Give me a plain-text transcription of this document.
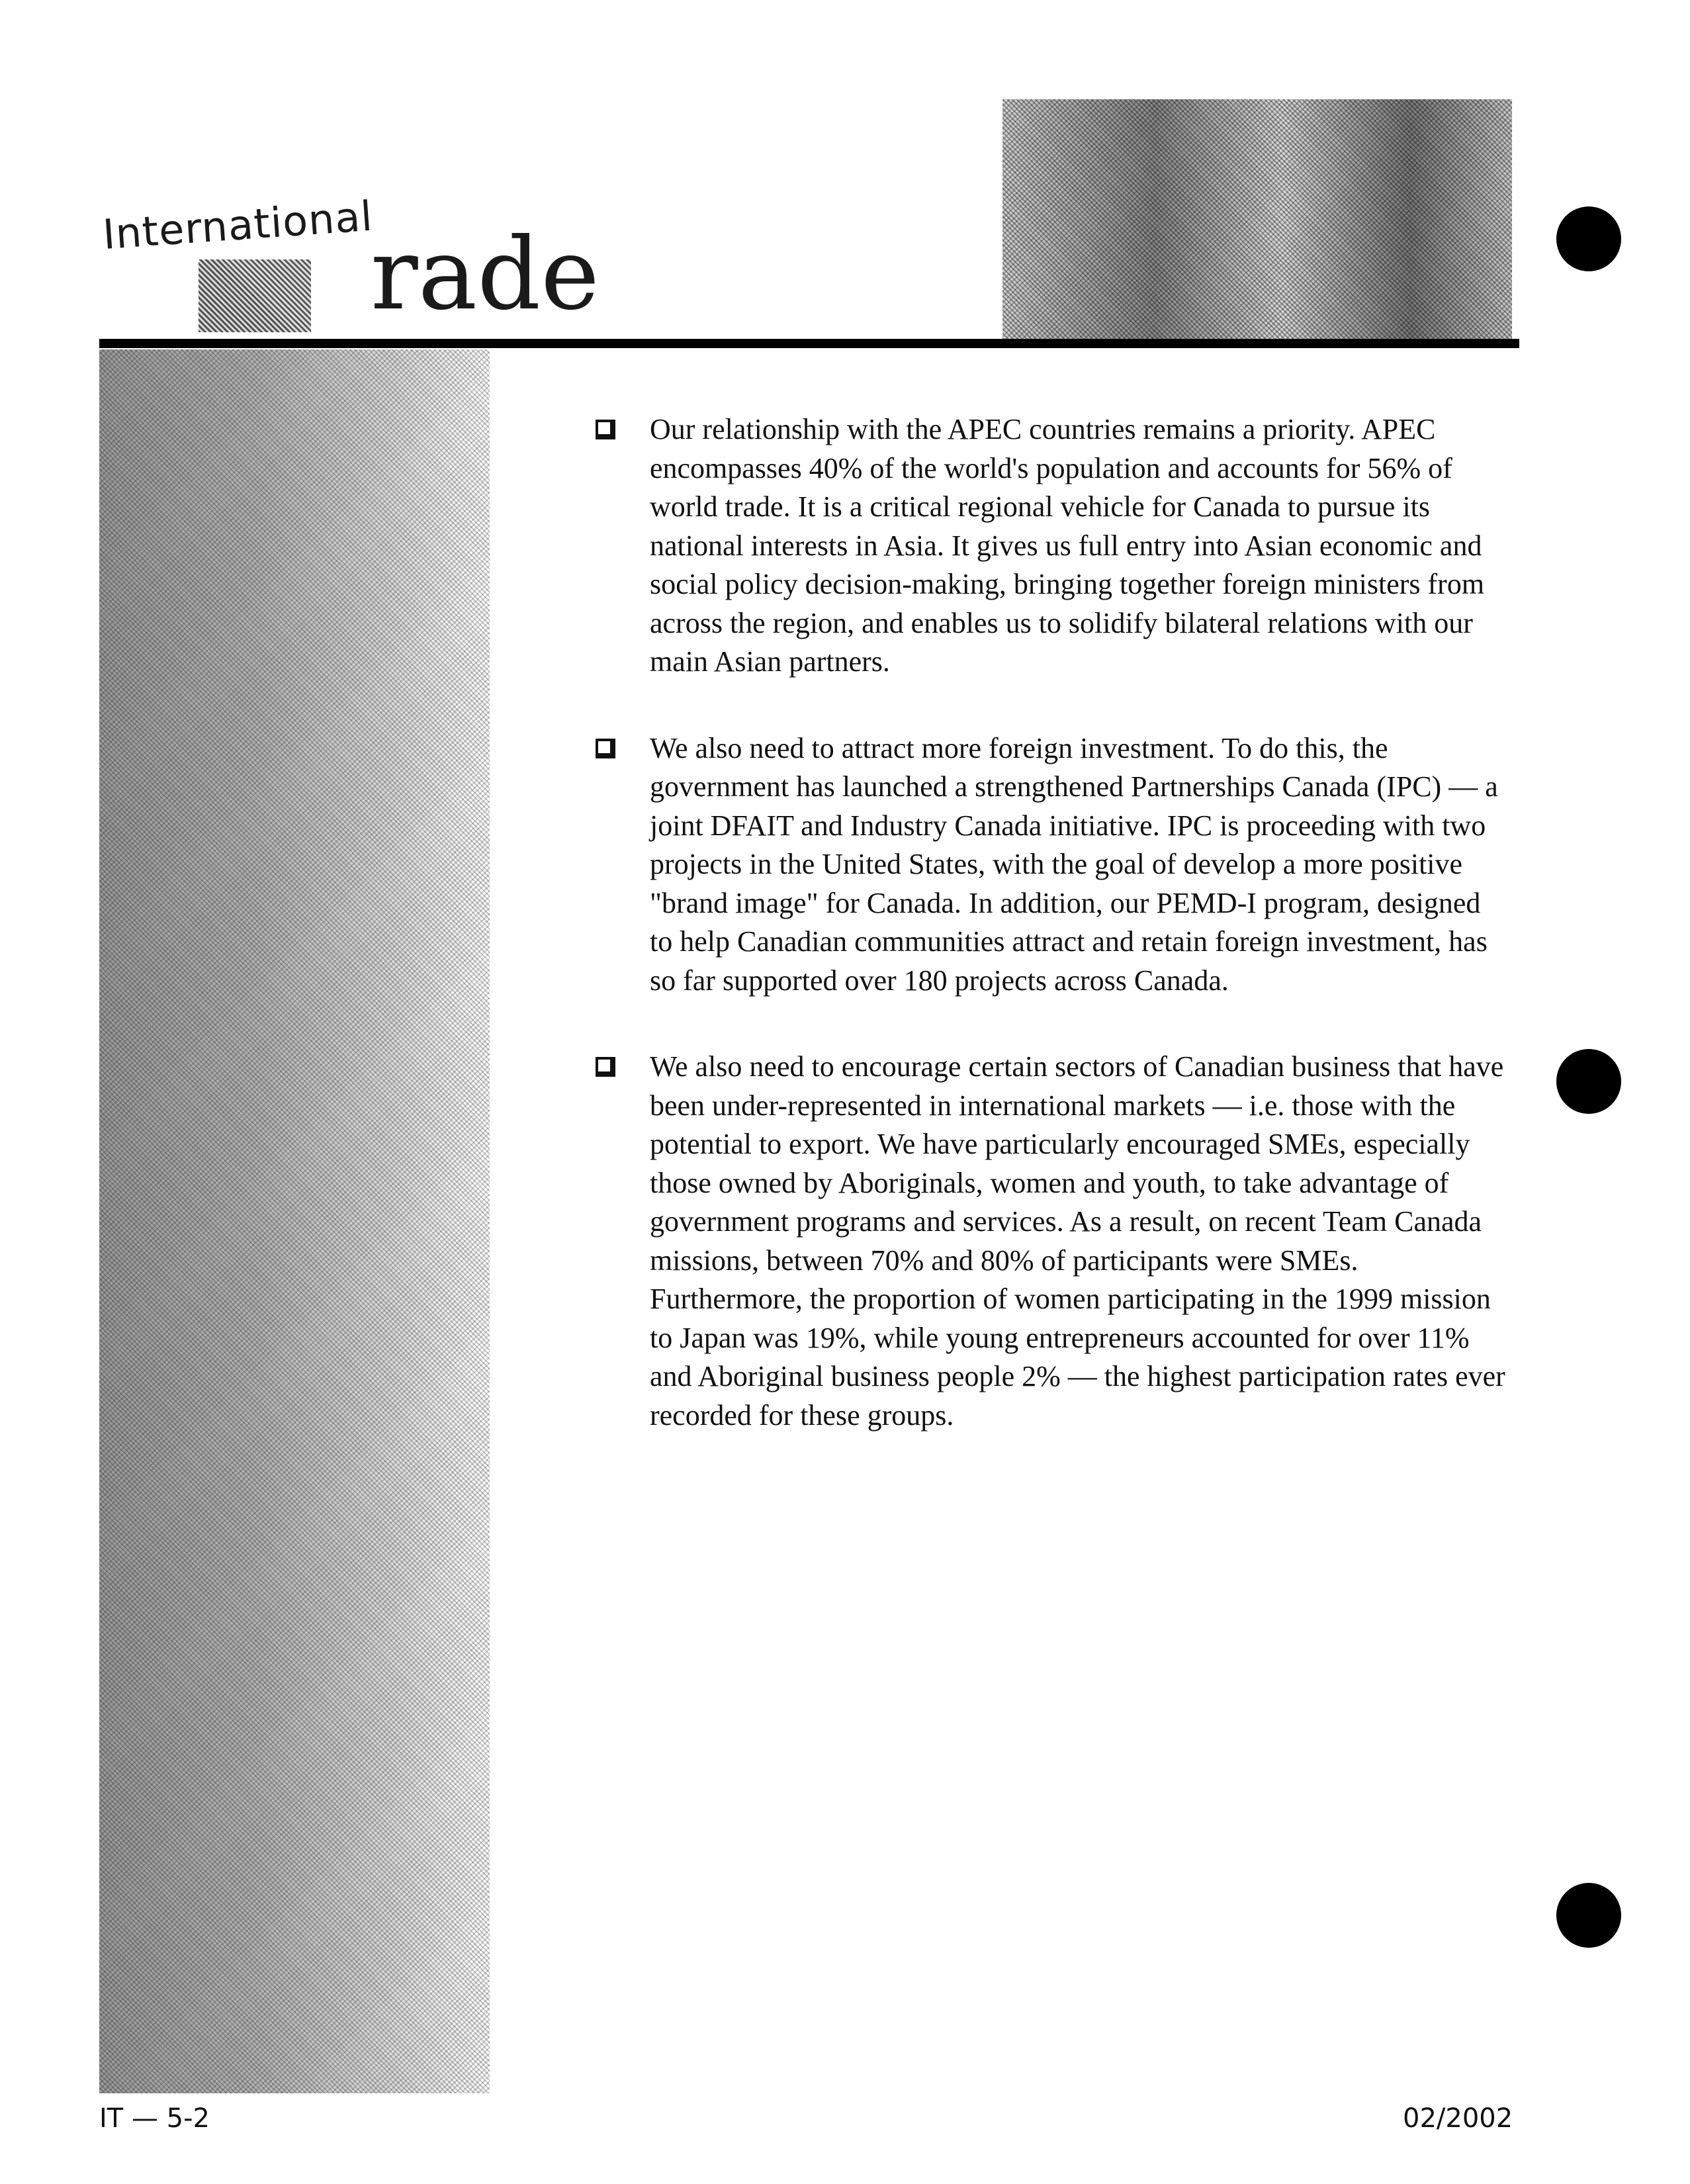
International
rade

Our relationship with the APEC countries remains a priority. APEC encompasses 40% of the world's population and accounts for 56% of world trade. It is a critical regional vehicle for Canada to pursue its national interests in Asia. It gives us full entry into Asian economic and social policy decision-making, bringing together foreign ministers from across the region, and enables us to solidify bilateral relations with our main Asian partners.

We also need to attract more foreign investment. To do this, the government has launched a strengthened Partnerships Canada (IPC) — a joint DFAIT and Industry Canada initiative. IPC is proceeding with two projects in the United States, with the goal of develop a more positive "brand image" for Canada. In addition, our PEMD-I program, designed to help Canadian communities attract and retain foreign investment, has so far supported over 180 projects across Canada.

We also need to encourage certain sectors of Canadian business that have been under-represented in international markets — i.e. those with the potential to export. We have particularly encouraged SMEs, especially those owned by Aboriginals, women and youth, to take advantage of government programs and services. As a result, on recent Team Canada missions, between 70% and 80% of participants were SMEs. Furthermore, the proportion of women participating in the 1999 mission to Japan was 19%, while young entrepreneurs accounted for over 11% and Aboriginal business people 2% — the highest participation rates ever recorded for these groups.

IT — 5-2	02/2002
